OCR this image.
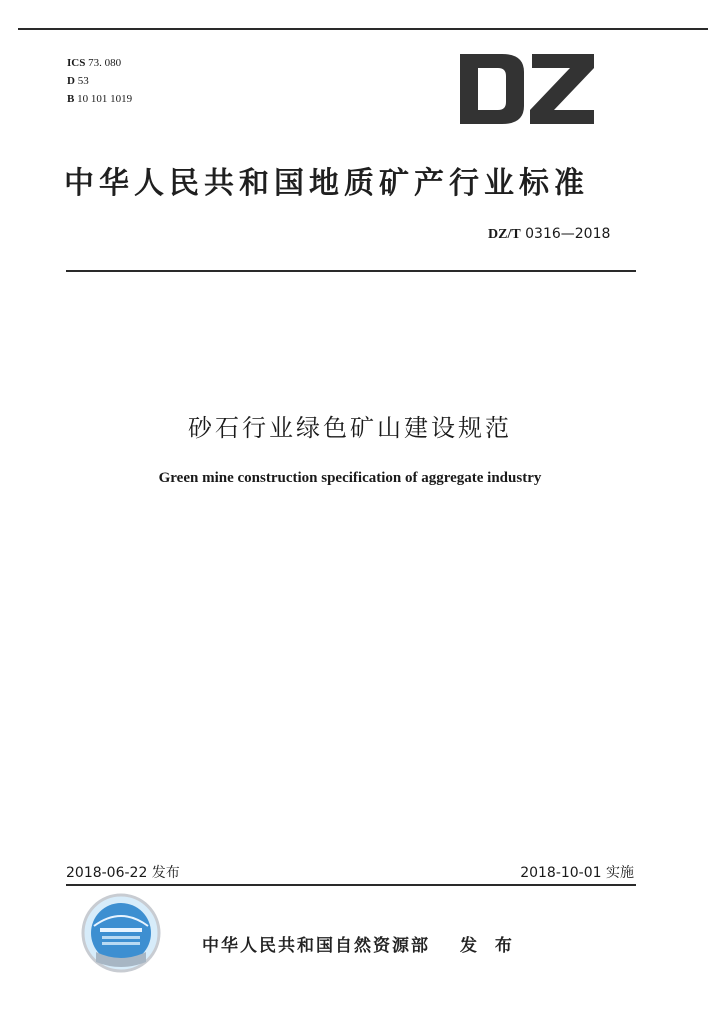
ICS 73. 080
D 53
B 10 101 1019
中华人民共和国地质矿产行业标准
DZ/T 0316—2018
砂石行业绿色矿山建设规范
Green mine construction specification of aggregate industry
2018-06-22 发布	2018-10-01 实施
中华人民共和国自然资源部 发 布
